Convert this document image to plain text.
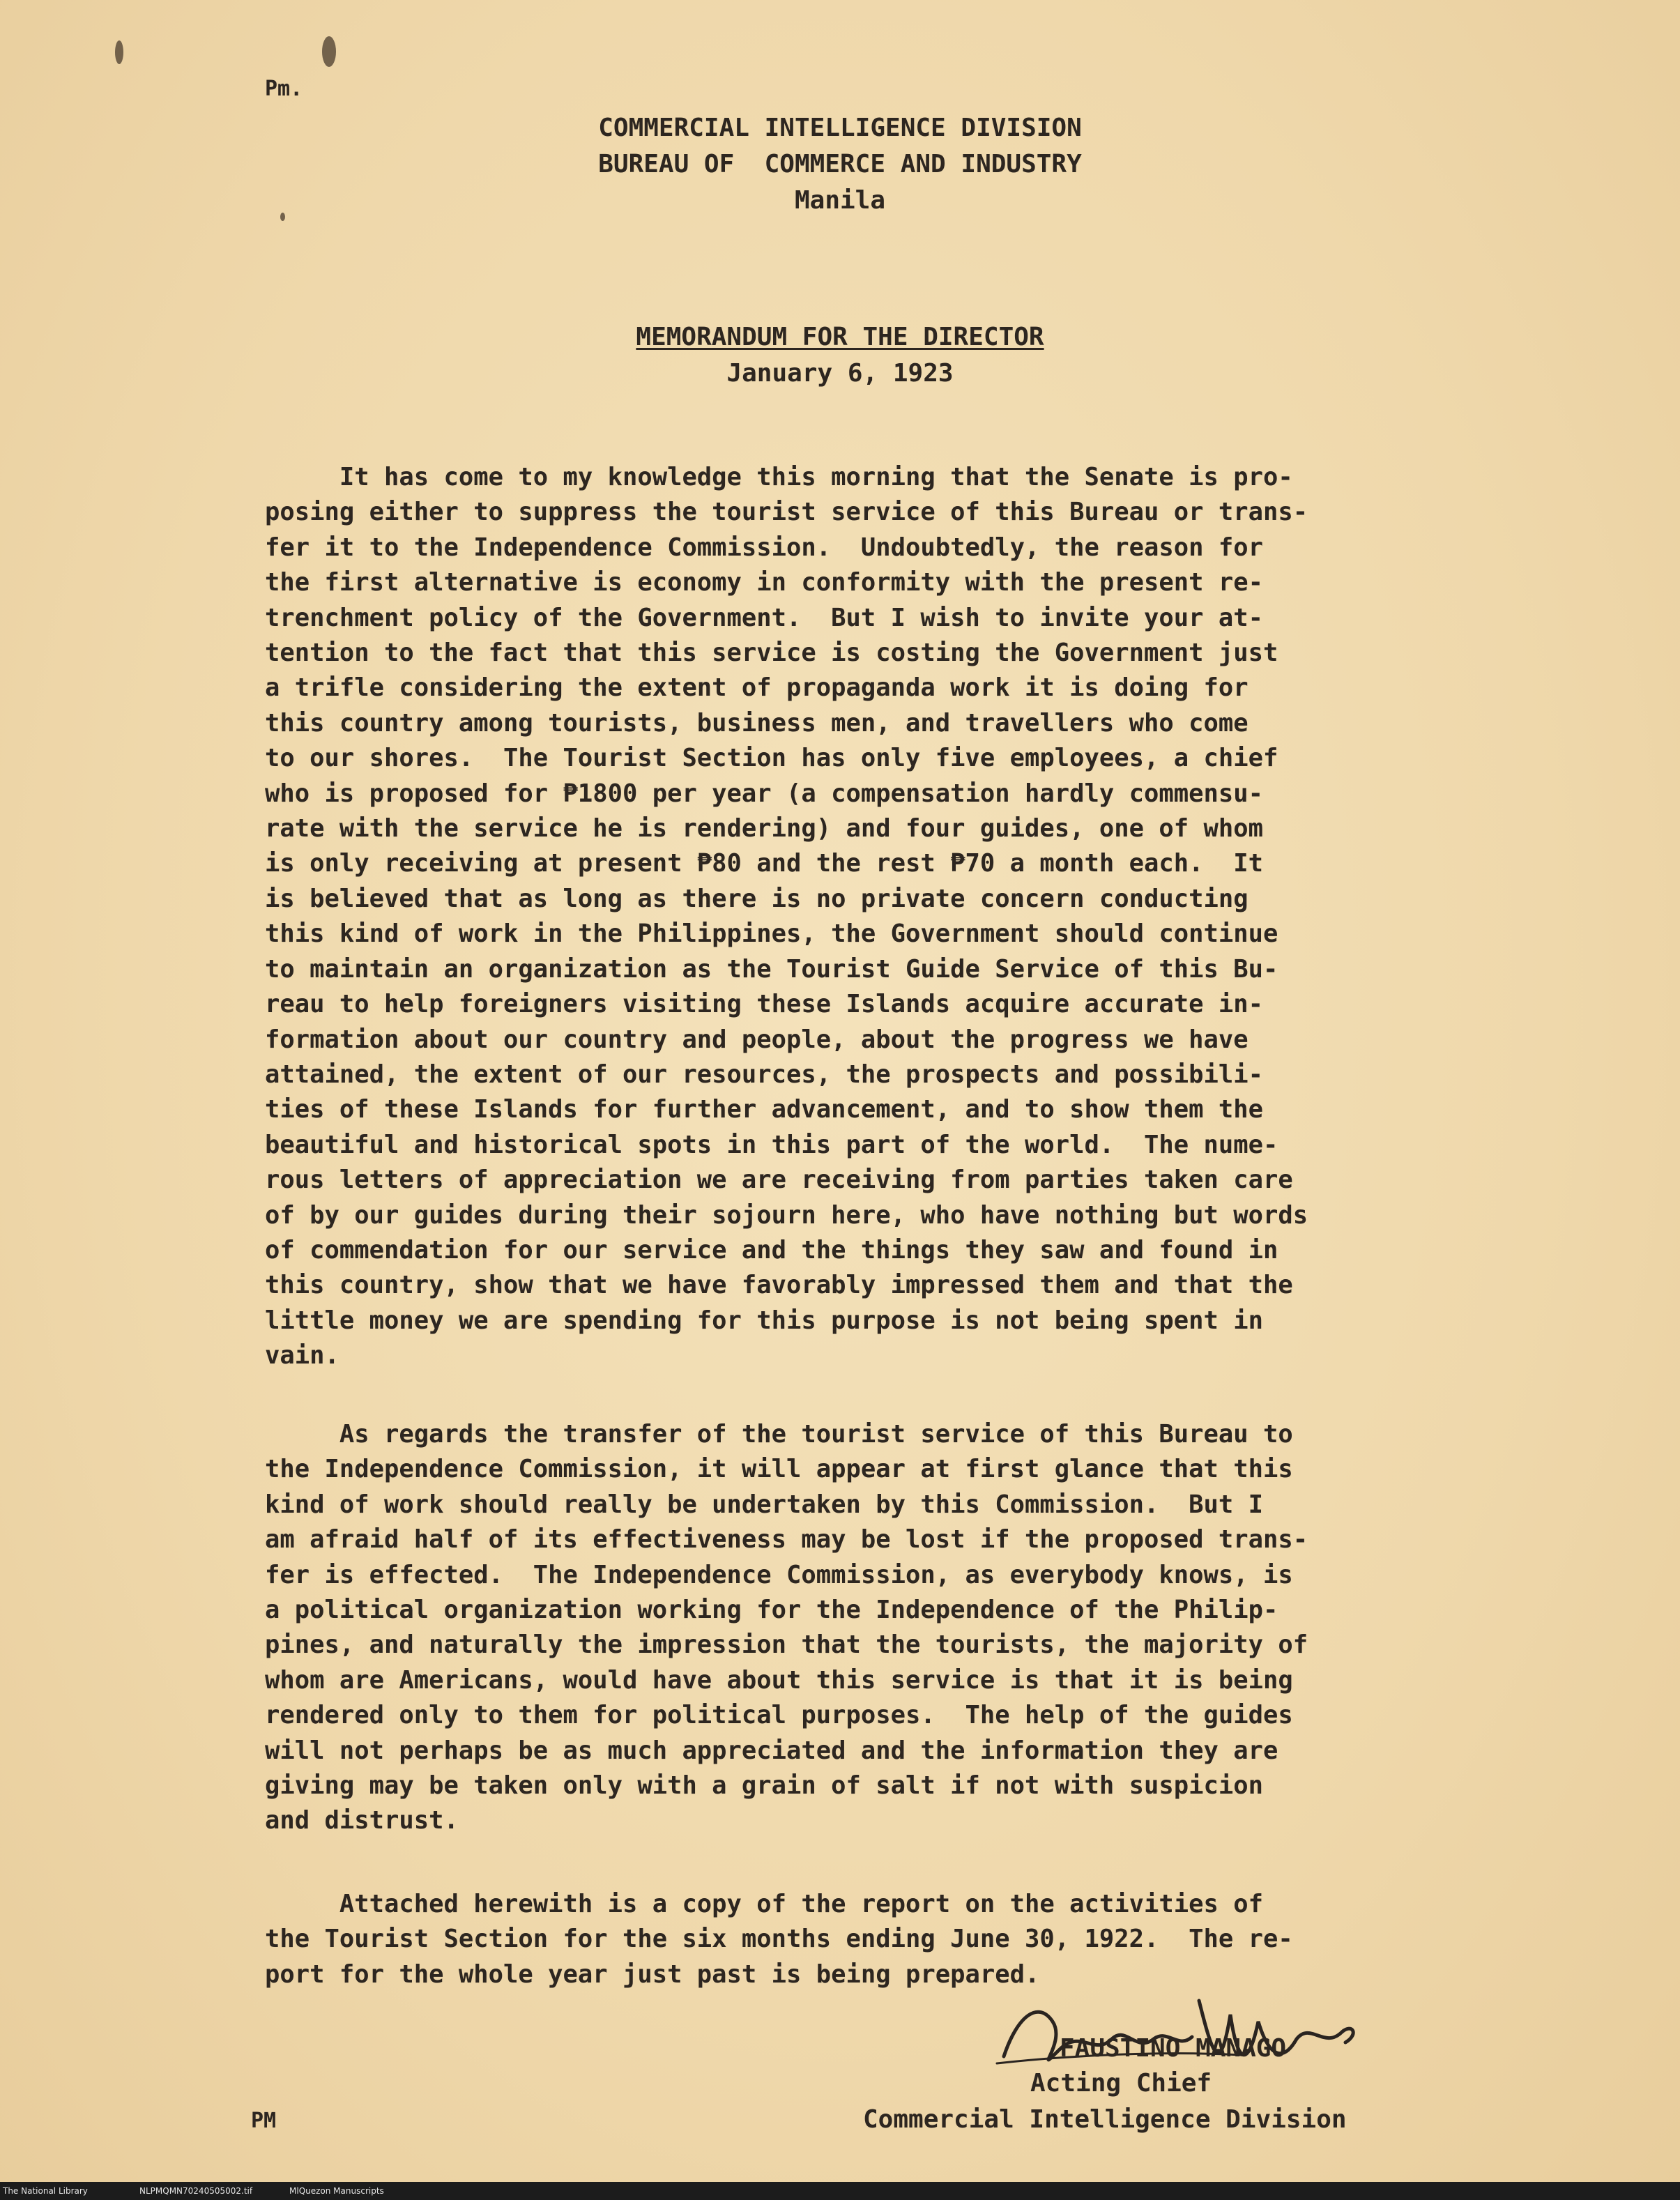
Pm.
COMMERCIAL INTELLIGENCE DIVISION
BUREAU OF  COMMERCE AND INDUSTRY
Manila
MEMORANDUM FOR THE DIRECTOR
January 6, 1923
It has come to my knowledge this morning that the Senate is pro-
posing either to suppress the tourist service of this Bureau or trans-
fer it to the Independence Commission.  Undoubtedly, the reason for
the first alternative is economy in conformity with the present re-
trenchment policy of the Government.  But I wish to invite your at-
tention to the fact that this service is costing the Government just
a trifle considering the extent of propaganda work it is doing for
this country among tourists, business men, and travellers who come
to our shores.  The Tourist Section has only five employees, a chief
who is proposed for ₱1800 per year (a compensation hardly commensu-
rate with the service he is rendering) and four guides, one of whom
is only receiving at present ₱80 and the rest ₱70 a month each.  It
is believed that as long as there is no private concern conducting
this kind of work in the Philippines, the Government should continue
to maintain an organization as the Tourist Guide Service of this Bu-
reau to help foreigners visiting these Islands acquire accurate in-
formation about our country and people, about the progress we have
attained, the extent of our resources, the prospects and possibili-
ties of these Islands for further advancement, and to show them the
beautiful and historical spots in this part of the world.  The nume-
rous letters of appreciation we are receiving from parties taken care
of by our guides during their sojourn here, who have nothing but words
of commendation for our service and the things they saw and found in
this country, show that we have favorably impressed them and that the
little money we are spending for this purpose is not being spent in
vain.
As regards the transfer of the tourist service of this Bureau to
the Independence Commission, it will appear at first glance that this
kind of work should really be undertaken by this Commission.  But I
am afraid half of its effectiveness may be lost if the proposed trans-
fer is effected.  The Independence Commission, as everybody knows, is
a political organization working for the Independence of the Philip-
pines, and naturally the impression that the tourists, the majority of
whom are Americans, would have about this service is that it is being
rendered only to them for political purposes.  The help of the guides
will not perhaps be as much appreciated and the information they are
giving may be taken only with a grain of salt if not with suspicion
and distrust.
Attached herewith is a copy of the report on the activities of
the Tourist Section for the six months ending June 30, 1922.  The re-
port for the whole year just past is being prepared.
FAUSTINO MANAGO
Acting Chief
Commercial Intelligence Division
PM
The National Library	NLPMQMN70240505002.tif	MlQuezon Manuscripts
